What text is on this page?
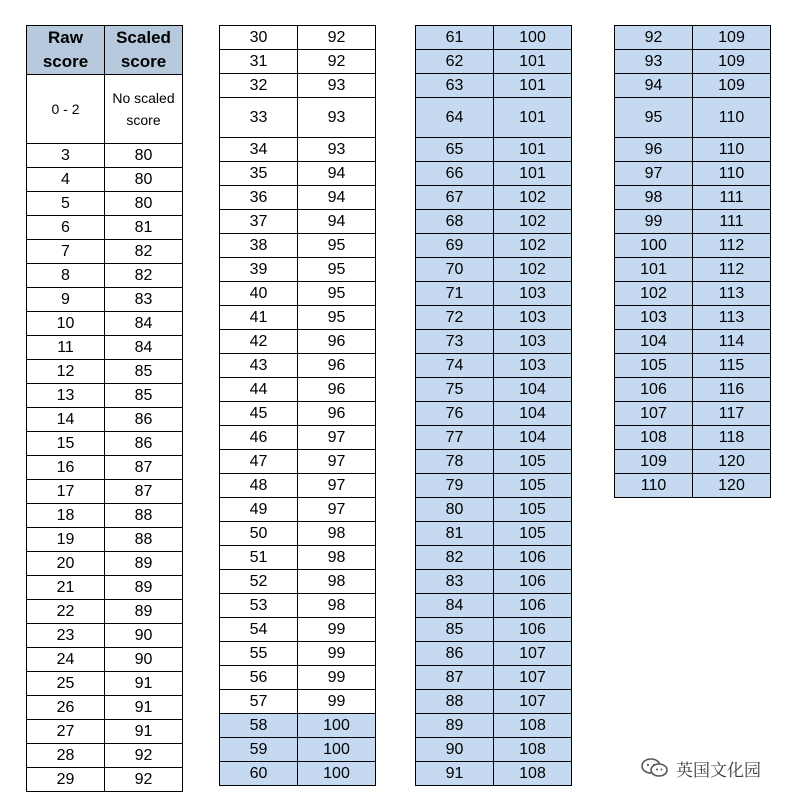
Raw score	Scaled score
0 - 2	No scaled score
3	80
4	80
5	80
6	81
7	82
8	82
9	83
10	84
11	84
12	85
13	85
14	86
15	86
16	87
17	87
18	88
19	88
20	89
21	89
22	89
23	90
24	90
25	91
26	91
27	91
28	92
29	92
30	92
31	92
32	93
33	93
34	93
35	94
36	94
37	94
38	95
39	95
40	95
41	95
42	96
43	96
44	96
45	96
46	97
47	97
48	97
49	97
50	98
51	98
52	98
53	98
54	99
55	99
56	99
57	99
58	100
59	100
60	100
61	100
62	101
63	101
64	101
65	101
66	101
67	102
68	102
69	102
70	102
71	103
72	103
73	103
74	103
75	104
76	104
77	104
78	105
79	105
80	105
81	105
82	106
83	106
84	106
85	106
86	107
87	107
88	107
89	108
90	108
91	108
92	109
93	109
94	109
95	110
96	110
97	110
98	111
99	111
100	112
101	112
102	113
103	113
104	114
105	115
106	116
107	117
108	118
109	120
110	120
英国文化园
